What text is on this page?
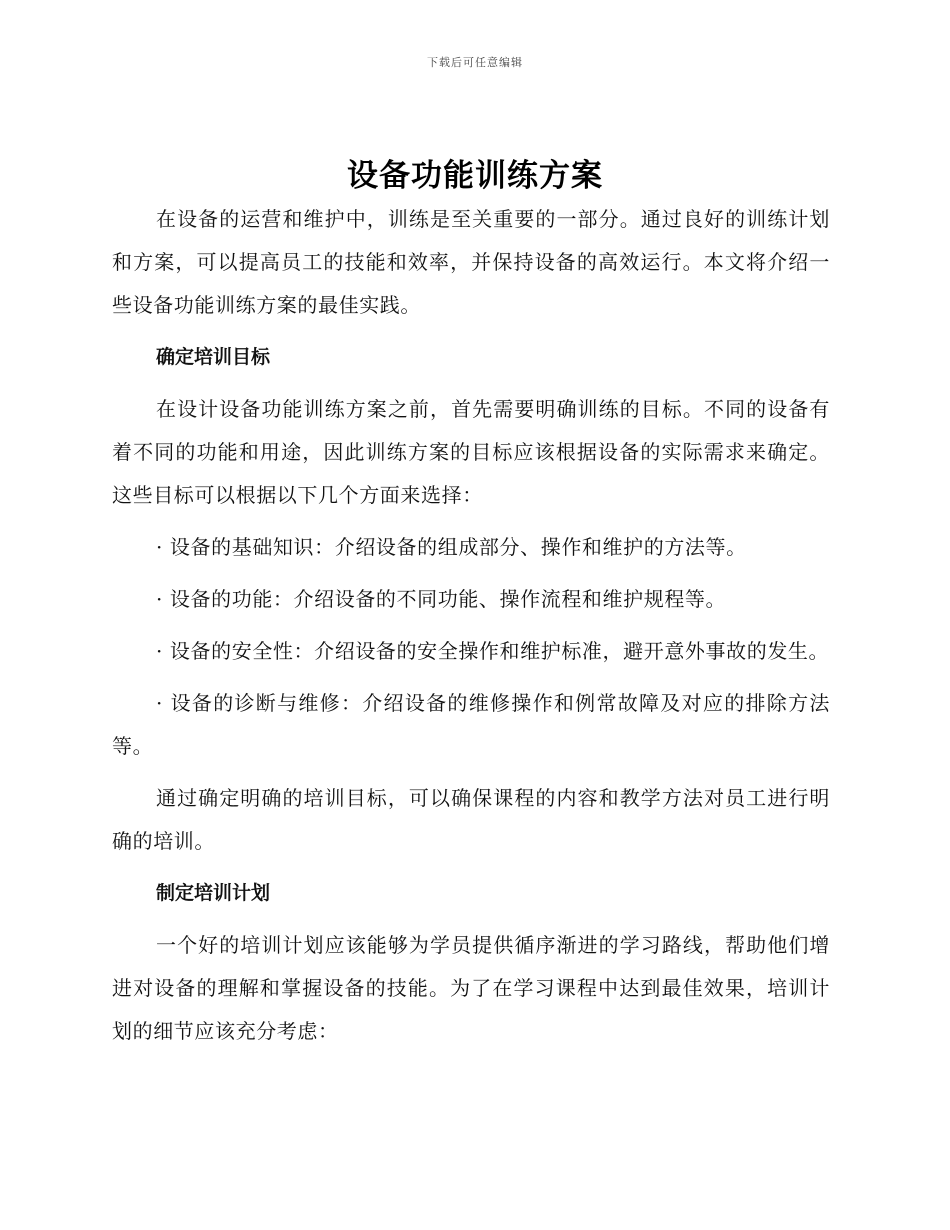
下载后可任意编辑
设备功能训练方案

在设备的运营和维护中，训练是至关重要的一部分。通过良好的训练计划和方案，可以提高员工的技能和效率，并保持设备的高效运行。本文将介绍一些设备功能训练方案的最佳实践。

确定培训目标

在设计设备功能训练方案之前，首先需要明确训练的目标。不同的设备有着不同的功能和用途，因此训练方案的目标应该根据设备的实际需求来确定。这些目标可以根据以下几个方面来选择：

· 设备的基础知识：介绍设备的组成部分、操作和维护的方法等。

· 设备的功能：介绍设备的不同功能、操作流程和维护规程等。

· 设备的安全性：介绍设备的安全操作和维护标准，避开意外事故的发生。

· 设备的诊断与维修：介绍设备的维修操作和例常故障及对应的排除方法等。

通过确定明确的培训目标，可以确保课程的内容和教学方法对员工进行明确的培训。

制定培训计划

一个好的培训计划应该能够为学员提供循序渐进的学习路线，帮助他们增进对设备的理解和掌握设备的技能。为了在学习课程中达到最佳效果，培训计划的细节应该充分考虑：
